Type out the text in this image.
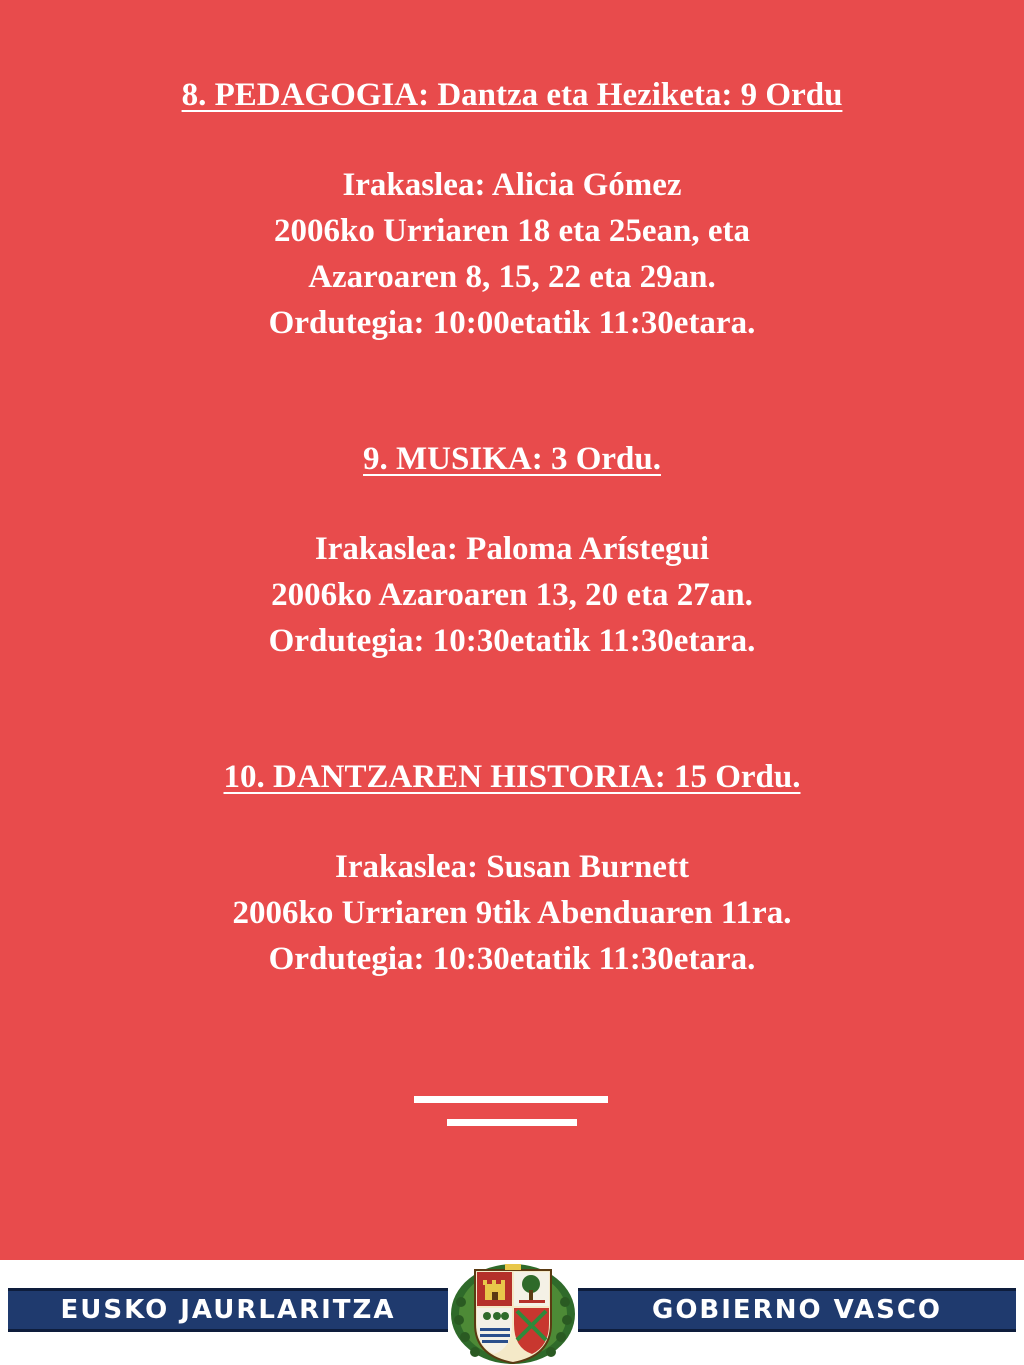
8. PEDAGOGIA: Dantza eta Heziketa: 9 Ordu
Irakaslea: Alicia Gómez
2006ko Urriaren 18 eta 25ean, eta
Azaroaren 8, 15, 22 eta 29an.
Ordutegia: 10:00etatik 11:30etara.
9. MUSIKA: 3 Ordu.
Irakaslea: Paloma Arístegui
2006ko Azaroaren 13, 20 eta 27an.
Ordutegia: 10:30etatik 11:30etara.
10. DANTZAREN HISTORIA: 15 Ordu.
Irakaslea: Susan Burnett
2006ko Urriaren 9tik Abenduaren 11ra.
Ordutegia: 10:30etatik 11:30etara.
EUSKO JAURLARITZA	GOBIERNO VASCO
